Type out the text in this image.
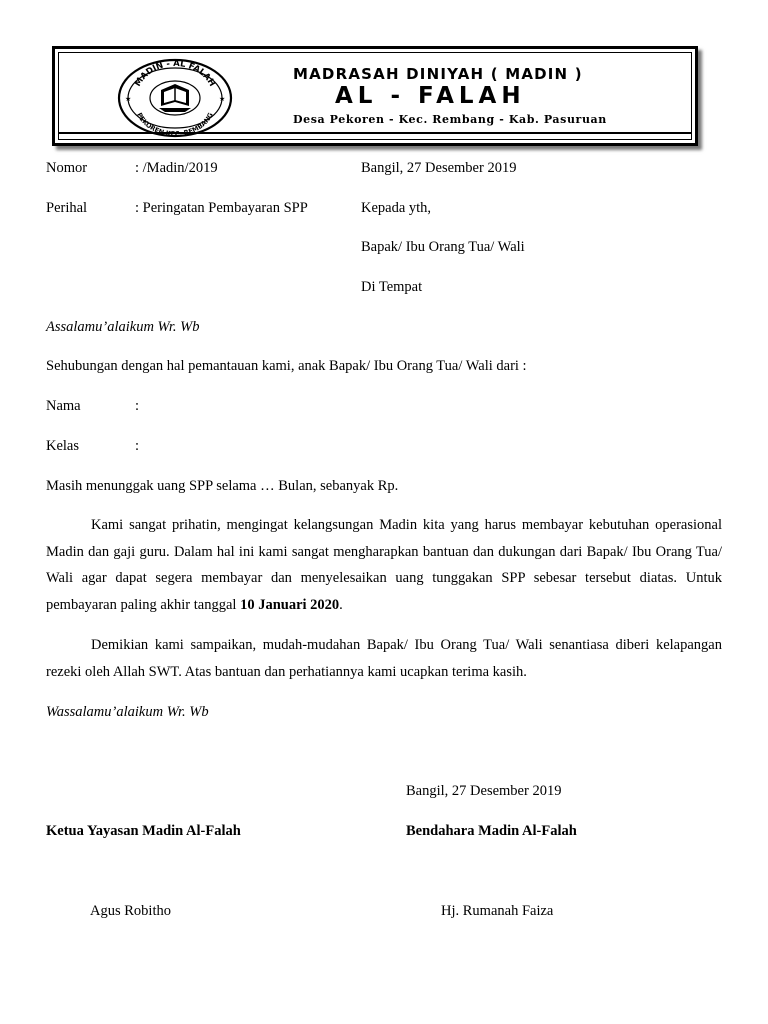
MADIN - AL FALAH
PEKOREN KEC. REMBANG
★	★
MADRASAH DINIYAH ( MADIN )
AL - FALAH
Desa Pekoren - Kec. Rembang - Kab. Pasuruan
Nomor	: /Madin/2019	Bangil, 27 Desember 2019
Perihal	: Peringatan Pembayaran SPP	Kepada yth,
Bapak/ Ibu Orang Tua/ Wali
Di Tempat
Assalamu’alaikum Wr. Wb
Sehubungan dengan hal pemantauan kami, anak Bapak/ Ibu Orang Tua/ Wali dari :
Nama	:
Kelas	:
Masih menunggak uang SPP selama … Bulan, sebanyak Rp.
Kami sangat prihatin, mengingat kelangsungan Madin kita yang harus membayar kebutuhan operasional Madin dan gaji guru. Dalam hal ini kami sangat mengharapkan bantuan dan dukungan dari Bapak/ Ibu Orang Tua/ Wali agar dapat segera membayar dan menyelesaikan uang tunggakan SPP sebesar tersebut diatas. Untuk pembayaran paling akhir tanggal 10 Januari 2020.
Demikian kami sampaikan, mudah-mudahan Bapak/ Ibu Orang Tua/ Wali senantiasa diberi kelapangan rezeki oleh Allah SWT. Atas bantuan dan perhatiannya kami ucapkan terima kasih.
Wassalamu’alaikum Wr. Wb
Bangil, 27 Desember 2019
Ketua Yayasan Madin Al-Falah	Bendahara Madin Al-Falah
Agus Robitho	Hj. Rumanah Faiza
